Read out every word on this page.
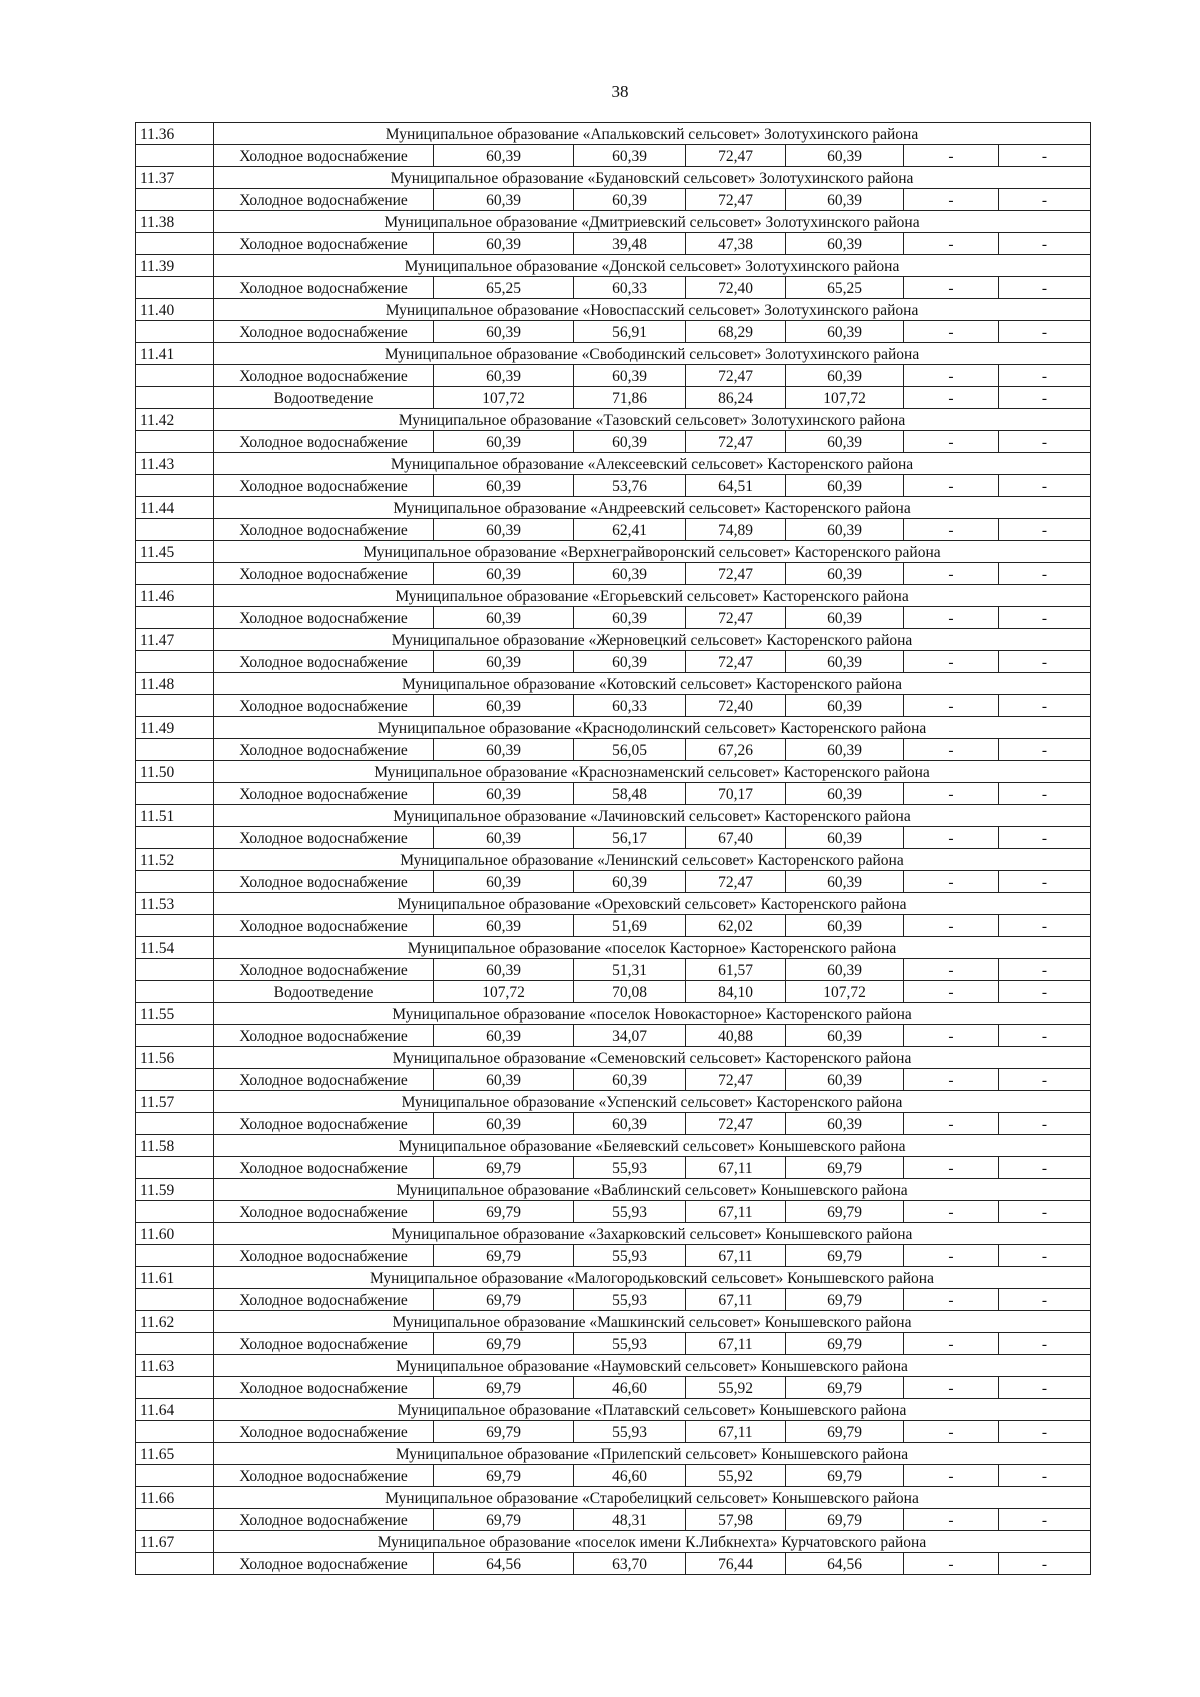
38
11.36	Муниципальное образование «Апальковский сельсовет» Золотухинского района						
	Холодное водоснабжение	60,39	60,39	72,47	60,39	-	-
11.37	Муниципальное образование «Будановский сельсовет» Золотухинского района						
	Холодное водоснабжение	60,39	60,39	72,47	60,39	-	-
11.38	Муниципальное образование «Дмитриевский сельсовет» Золотухинского района						
	Холодное водоснабжение	60,39	39,48	47,38	60,39	-	-
11.39	Муниципальное образование «Донской сельсовет» Золотухинского района						
	Холодное водоснабжение	65,25	60,33	72,40	65,25	-	-
11.40	Муниципальное образование «Новоспасский сельсовет» Золотухинского района						
	Холодное водоснабжение	60,39	56,91	68,29	60,39	-	-
11.41	Муниципальное образование «Свободинский сельсовет» Золотухинского района						
	Холодное водоснабжение	60,39	60,39	72,47	60,39	-	-
	Водоотведение	107,72	71,86	86,24	107,72	-	-
11.42	Муниципальное образование «Тазовский сельсовет» Золотухинского района						
	Холодное водоснабжение	60,39	60,39	72,47	60,39	-	-
11.43	Муниципальное образование «Алексеевский сельсовет» Касторенского района						
	Холодное водоснабжение	60,39	53,76	64,51	60,39	-	-
11.44	Муниципальное образование «Андреевский сельсовет» Касторенского района						
	Холодное водоснабжение	60,39	62,41	74,89	60,39	-	-
11.45	Муниципальное образование «Верхнеграйворонский сельсовет» Касторенского района						
	Холодное водоснабжение	60,39	60,39	72,47	60,39	-	-
11.46	Муниципальное образование «Егорьевский сельсовет» Касторенского района						
	Холодное водоснабжение	60,39	60,39	72,47	60,39	-	-
11.47	Муниципальное образование «Жерновецкий сельсовет» Касторенского района						
	Холодное водоснабжение	60,39	60,39	72,47	60,39	-	-
11.48	Муниципальное образование «Котовский сельсовет» Касторенского района						
	Холодное водоснабжение	60,39	60,33	72,40	60,39	-	-
11.49	Муниципальное образование «Краснодолинский сельсовет» Касторенского района						
	Холодное водоснабжение	60,39	56,05	67,26	60,39	-	-
11.50	Муниципальное образование «Краснознаменский сельсовет» Касторенского района						
	Холодное водоснабжение	60,39	58,48	70,17	60,39	-	-
11.51	Муниципальное образование «Лачиновский сельсовет» Касторенского района						
	Холодное водоснабжение	60,39	56,17	67,40	60,39	-	-
11.52	Муниципальное образование «Ленинский сельсовет» Касторенского района						
	Холодное водоснабжение	60,39	60,39	72,47	60,39	-	-
11.53	Муниципальное образование «Ореховский сельсовет» Касторенского района						
	Холодное водоснабжение	60,39	51,69	62,02	60,39	-	-
11.54	Муниципальное образование «поселок Касторное» Касторенского района						
	Холодное водоснабжение	60,39	51,31	61,57	60,39	-	-
	Водоотведение	107,72	70,08	84,10	107,72	-	-
11.55	Муниципальное образование «поселок Новокасторное» Касторенского района						
	Холодное водоснабжение	60,39	34,07	40,88	60,39	-	-
11.56	Муниципальное образование «Семеновский сельсовет» Касторенского района						
	Холодное водоснабжение	60,39	60,39	72,47	60,39	-	-
11.57	Муниципальное образование «Успенский сельсовет» Касторенского района						
	Холодное водоснабжение	60,39	60,39	72,47	60,39	-	-
11.58	Муниципальное образование «Беляевский сельсовет» Конышевского района						
	Холодное водоснабжение	69,79	55,93	67,11	69,79	-	-
11.59	Муниципальное образование «Ваблинский сельсовет» Конышевского района						
	Холодное водоснабжение	69,79	55,93	67,11	69,79	-	-
11.60	Муниципальное образование «Захарковский сельсовет» Конышевского района						
	Холодное водоснабжение	69,79	55,93	67,11	69,79	-	-
11.61	Муниципальное образование «Малогородьковский сельсовет» Конышевского района						
	Холодное водоснабжение	69,79	55,93	67,11	69,79	-	-
11.62	Муниципальное образование «Машкинский сельсовет» Конышевского района						
	Холодное водоснабжение	69,79	55,93	67,11	69,79	-	-
11.63	Муниципальное образование «Наумовский сельсовет» Конышевского района						
	Холодное водоснабжение	69,79	46,60	55,92	69,79	-	-
11.64	Муниципальное образование «Платавский сельсовет» Конышевского района						
	Холодное водоснабжение	69,79	55,93	67,11	69,79	-	-
11.65	Муниципальное образование «Прилепский сельсовет» Конышевского района						
	Холодное водоснабжение	69,79	46,60	55,92	69,79	-	-
11.66	Муниципальное образование «Старобелицкий сельсовет» Конышевского района						
	Холодное водоснабжение	69,79	48,31	57,98	69,79	-	-
11.67	Муниципальное образование «поселок имени К.Либкнехта» Курчатовского района						
	Холодное водоснабжение	64,56	63,70	76,44	64,56	-	-
